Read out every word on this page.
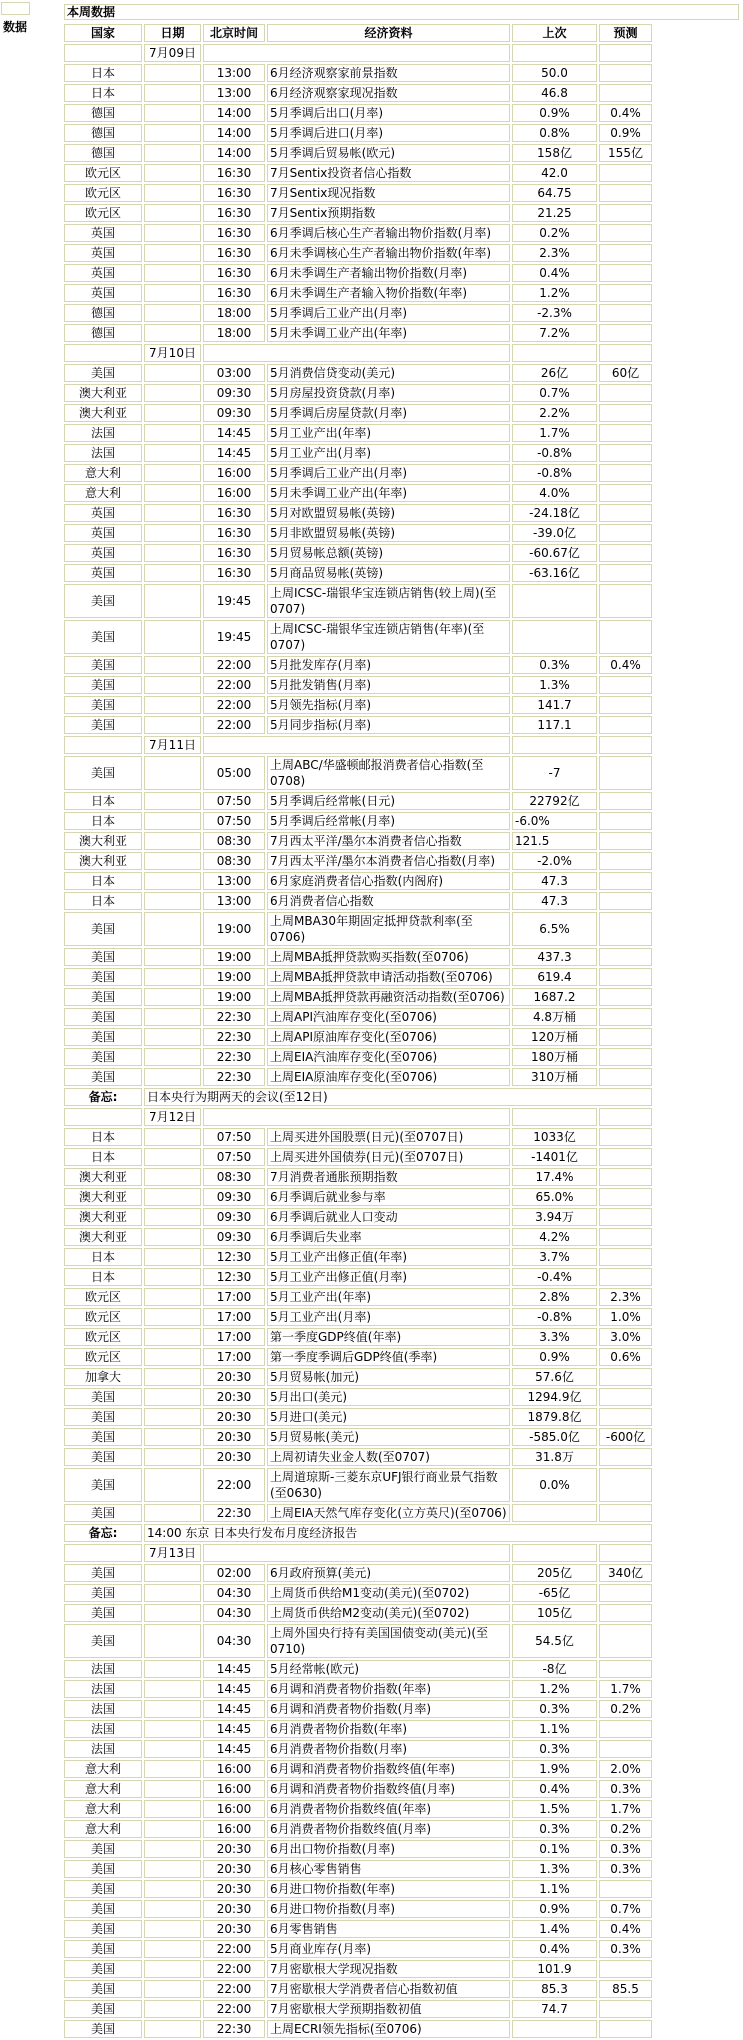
数据
本周数据
国家	日期	北京时间	经济资料	上次	预测
	7月09日				
日本		13:00	6月经济观察家前景指数	50.0	
日本		13:00	6月经济观察家现况指数	46.8	
德国		14:00	5月季调后出口(月率)	0.9%	0.4%
德国		14:00	5月季调后进口(月率)	0.8%	0.9%
德国		14:00	5月季调后贸易帐(欧元)	158亿	155亿
欧元区		16:30	7月Sentix投资者信心指数	42.0	
欧元区		16:30	7月Sentix现况指数	64.75	
欧元区		16:30	7月Sentix预期指数	21.25	
英国		16:30	6月季调后核心生产者输出物价指数(月率)	0.2%	
英国		16:30	6月未季调核心生产者输出物价指数(年率)	2.3%	
英国		16:30	6月未季调生产者输出物价指数(月率)	0.4%	
英国		16:30	6月未季调生产者输入物价指数(年率)	1.2%	
德国		18:00	5月季调后工业产出(月率)	-2.3%	
德国		18:00	5月未季调工业产出(年率)	7.2%	
	7月10日				
美国		03:00	5月消费信贷变动(美元)	26亿	60亿
澳大利亚		09:30	5月房屋投资贷款(月率)	0.7%	
澳大利亚		09:30	5月季调后房屋贷款(月率)	2.2%	
法国		14:45	5月工业产出(年率)	1.7%	
法国		14:45	5月工业产出(月率)	-0.8%	
意大利		16:00	5月季调后工业产出(月率)	-0.8%	
意大利		16:00	5月未季调工业产出(年率)	4.0%	
英国		16:30	5月对欧盟贸易帐(英镑)	-24.18亿	
英国		16:30	5月非欧盟贸易帐(英镑)	-39.0亿	
英国		16:30	5月贸易帐总额(英镑)	-60.67亿	
英国		16:30	5月商品贸易帐(英镑)	-63.16亿	
美国		19:45	上周ICSC-瑞银华宝连锁店销售(较上周)(至0707)		
美国		19:45	上周ICSC-瑞银华宝连锁店销售(年率)(至0707)		
美国		22:00	5月批发库存(月率)	0.3%	0.4%
美国		22:00	5月批发销售(月率)	1.3%	
美国		22:00	5月领先指标(月率)	141.7	
美国		22:00	5月同步指标(月率)	117.1	
	7月11日				
美国		05:00	上周ABC/华盛顿邮报消费者信心指数(至0708)	-7	
日本		07:50	5月季调后经常帐(日元)	22792亿	
日本		07:50	5月季调后经常帐(月率)	-6.0%	
澳大利亚		08:30	7月西太平洋/墨尔本消费者信心指数	121.5	
澳大利亚		08:30	7月西太平洋/墨尔本消费者信心指数(月率)	-2.0%	
日本		13:00	6月家庭消费者信心指数(内阁府)	47.3	
日本		13:00	6月消费者信心指数	47.3	
美国		19:00	上周MBA30年期固定抵押贷款利率(至0706)	6.5%	
美国		19:00	上周MBA抵押贷款购买指数(至0706)	437.3	
美国		19:00	上周MBA抵押贷款申请活动指数(至0706)	619.4	
美国		19:00	上周MBA抵押贷款再融资活动指数(至0706)	1687.2	
美国		22:30	上周API汽油库存变化(至0706)	4.8万桶	
美国		22:30	上周API原油库存变化(至0706)	120万桶	
美国		22:30	上周EIA汽油库存变化(至0706)	180万桶	
美国		22:30	上周EIA原油库存变化(至0706)	310万桶	
备忘:	日本央行为期两天的会议(至12日)				
	7月12日				
日本		07:50	上周买进外国股票(日元)(至0707日)	1033亿	
日本		07:50	上周买进外国债券(日元)(至0707日)	-1401亿	
澳大利亚		08:30	7月消费者通胀预期指数	17.4%	
澳大利亚		09:30	6月季调后就业参与率	65.0%	
澳大利亚		09:30	6月季调后就业人口变动	3.94万	
澳大利亚		09:30	6月季调后失业率	4.2%	
日本		12:30	5月工业产出修正值(年率)	3.7%	
日本		12:30	5月工业产出修正值(月率)	-0.4%	
欧元区		17:00	5月工业产出(年率)	2.8%	2.3%
欧元区		17:00	5月工业产出(月率)	-0.8%	1.0%
欧元区		17:00	第一季度GDP终值(年率)	3.3%	3.0%
欧元区		17:00	第一季度季调后GDP终值(季率)	0.9%	0.6%
加拿大		20:30	5月贸易帐(加元)	57.6亿	
美国		20:30	5月出口(美元)	1294.9亿	
美国		20:30	5月进口(美元)	1879.8亿	
美国		20:30	5月贸易帐(美元)	-585.0亿	-600亿
美国		20:30	上周初请失业金人数(至0707)	31.8万	
美国		22:00	上周道琼斯-三菱东京UFJ银行商业景气指数(至0630)	0.0%	
美国		22:30	上周EIA天然气库存变化(立方英尺)(至0706)		
备忘:	14:00 东京 日本央行发布月度经济报告				
	7月13日				
美国		02:00	6月政府预算(美元)	205亿	340亿
美国		04:30	上周货币供给M1变动(美元)(至0702)	-65亿	
美国		04:30	上周货币供给M2变动(美元)(至0702)	105亿	
美国		04:30	上周外国央行持有美国国债变动(美元)(至0710)	54.5亿	
法国		14:45	5月经常帐(欧元)	-8亿	
法国		14:45	6月调和消费者物价指数(年率)	1.2%	1.7%
法国		14:45	6月调和消费者物价指数(月率)	0.3%	0.2%
法国		14:45	6月消费者物价指数(年率)	1.1%	
法国		14:45	6月消费者物价指数(月率)	0.3%	
意大利		16:00	6月调和消费者物价指数终值(年率)	1.9%	2.0%
意大利		16:00	6月调和消费者物价指数终值(月率)	0.4%	0.3%
意大利		16:00	6月消费者物价指数终值(年率)	1.5%	1.7%
意大利		16:00	6月消费者物价指数终值(月率)	0.3%	0.2%
美国		20:30	6月出口物价指数(月率)	0.1%	0.3%
美国		20:30	6月核心零售销售	1.3%	0.3%
美国		20:30	6月进口物价指数(年率)	1.1%	
美国		20:30	6月进口物价指数(月率)	0.9%	0.7%
美国		20:30	6月零售销售	1.4%	0.4%
美国		22:00	5月商业库存(月率)	0.4%	0.3%
美国		22:00	7月密歇根大学现况指数	101.9	
美国		22:00	7月密歇根大学消费者信心指数初值	85.3	85.5
美国		22:00	7月密歇根大学预期指数初值	74.7	
美国		22:30	上周ECRI领先指标(至0706)		
